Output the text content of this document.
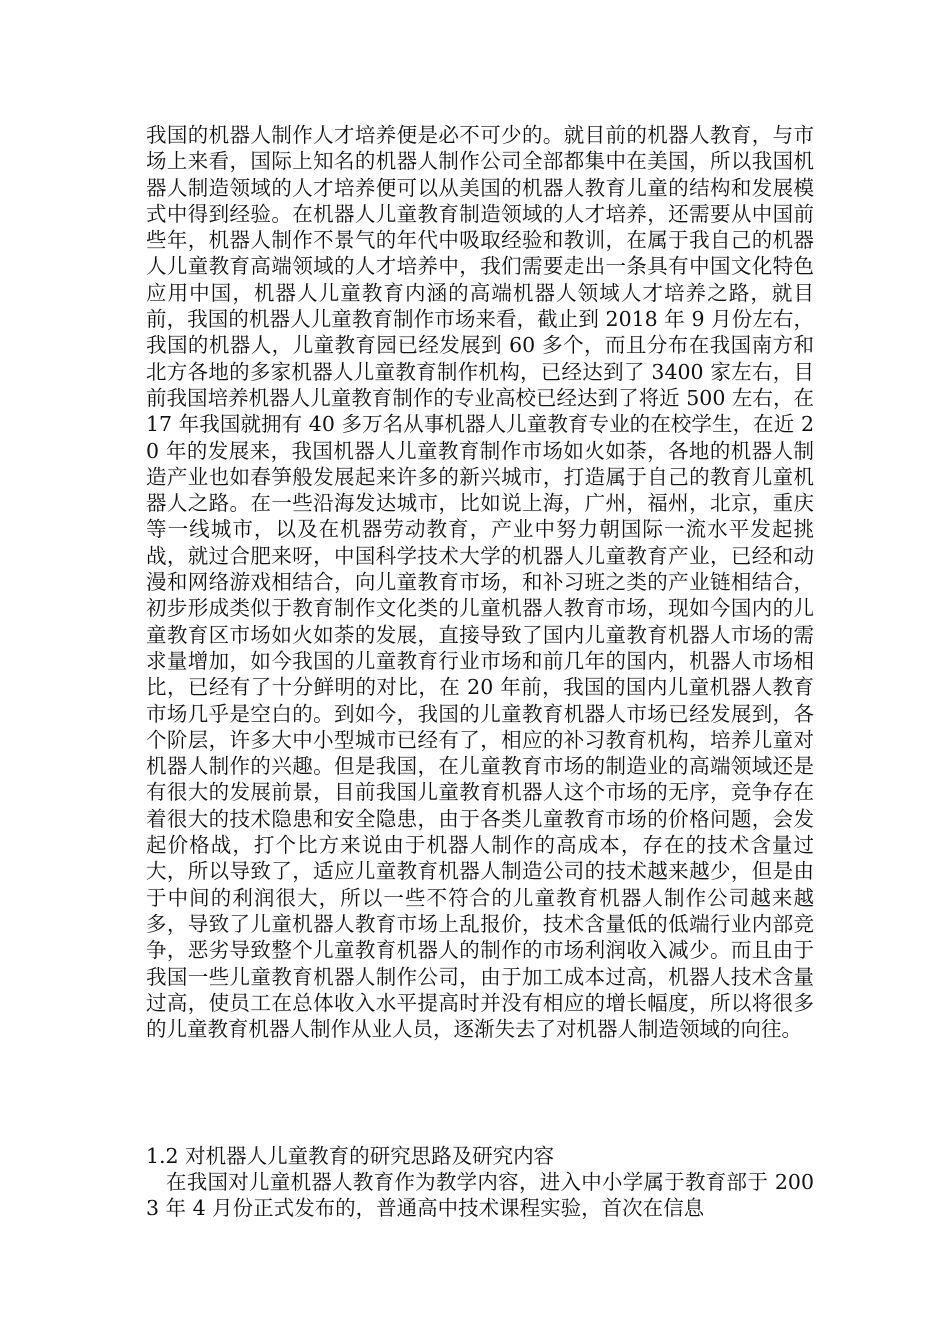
我国的机器人制作人才培养便是必不可少的。就目前的机器人教育，与市场上来看，国际上知名的机器人制作公司全部都集中在美国，所以我国机器人制造领域的人才培养便可以从美国的机器人教育儿童的结构和发展模式中得到经验。在机器人儿童教育制造领域的人才培养，还需要从中国前些年，机器人制作不景气的年代中吸取经验和教训，在属于我自己的机器人儿童教育高端领域的人才培养中，我们需要走出一条具有中国文化特色应用中国，机器人儿童教育内涵的高端机器人领域人才培养之路，就目前，我国的机器人儿童教育制作市场来看，截止到 2018 年 9 月份左右，我国的机器人，儿童教育园已经发展到 60 多个，而且分布在我国南方和北方各地的多家机器人儿童教育制作机构，已经达到了 3400 家左右，目前我国培养机器人儿童教育制作的专业高校已经达到了将近 500 左右，在 17 年我国就拥有 40 多万名从事机器人儿童教育专业的在校学生，在近 20 年的发展来，我国机器人儿童教育制作市场如火如荼，各地的机器人制造产业也如春笋般发展起来许多的新兴城市，打造属于自己的教育儿童机器人之路。在一些沿海发达城市，比如说上海，广州，福州，北京，重庆等一线城市，以及在机器劳动教育，产业中努力朝国际一流水平发起挑战，就过合肥来呀，中国科学技术大学的机器人儿童教育产业，已经和动漫和网络游戏相结合，向儿童教育市场，和补习班之类的产业链相结合，初步形成类似于教育制作文化类的儿童机器人教育市场，现如今国内的儿童教育区市场如火如荼的发展，直接导致了国内儿童教育机器人市场的需求量增加，如今我国的儿童教育行业市场和前几年的国内，机器人市场相比，已经有了十分鲜明的对比，在 20 年前，我国的国内儿童机器人教育市场几乎是空白的。到如今，我国的儿童教育机器人市场已经发展到，各个阶层，许多大中小型城市已经有了，相应的补习教育机构，培养儿童对机器人制作的兴趣。但是我国，在儿童教育市场的制造业的高端领域还是有很大的发展前景，目前我国儿童教育机器人这个市场的无序，竞争存在着很大的技术隐患和安全隐患，由于各类儿童教育市场的价格问题，会发起价格战，打个比方来说由于机器人制作的高成本，存在的技术含量过大，所以导致了，适应儿童教育机器人制造公司的技术越来越少，但是由于中间的利润很大，所以一些不符合的儿童教育机器人制作公司越来越多，导致了儿童机器人教育市场上乱报价，技术含量低的低端行业内部竞争，恶劣导致整个儿童教育机器人的制作的市场利润收入减少。而且由于我国一些儿童教育机器人制作公司，由于加工成本过高，机器人技术含量过高，使员工在总体收入水平提高时并没有相应的增长幅度，所以将很多的儿童教育机器人制作从业人员，逐渐失去了对机器人制造领域的向往。
1.2 对机器人儿童教育的研究思路及研究内容
在我国对儿童机器人教育作为教学内容，进入中小学属于教育部于 2003 年 4 月份正式发布的，普通高中技术课程实验，首次在信息
